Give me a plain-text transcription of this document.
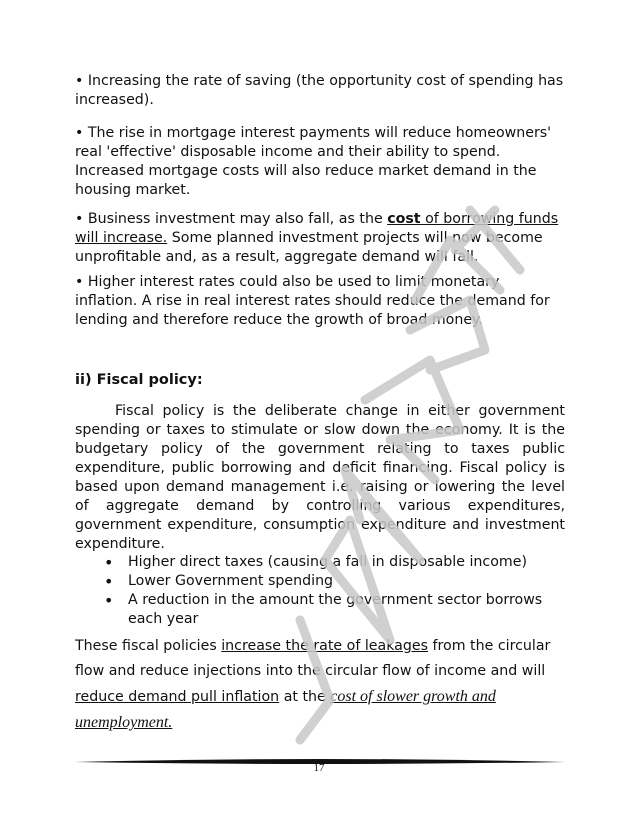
• Increasing the rate of saving (the opportunity cost of spending has increased).

• The rise in mortgage interest payments will reduce homeowners' real 'effective' disposable income and their ability to spend. Increased mortgage costs will also reduce market demand in the housing market.

• Business investment may also fall, as the cost of borrowing funds will increase. Some planned investment projects will now become unprofitable and, as a result, aggregate demand will fall.

• Higher interest rates could also be used to limit monetary inflation. A rise in real interest rates should reduce the demand for lending and therefore reduce the growth of broad money.

ii) Fiscal policy:

Fiscal policy is the deliberate change in either government spending or taxes to stimulate or slow down the economy. It is the budgetary policy of the government relating to taxes public expenditure, public borrowing and deficit financing. Fiscal policy is based upon demand management i.e. raising or lowering the level of aggregate demand by controlling various expenditures, government expenditure, consumption expenditure and investment expenditure.

• Higher direct taxes (causing a fall in disposable income)
• Lower Government spending
• A reduction in the amount the government sector borrows each year

These fiscal policies increase the rate of leakages from the circular flow and reduce injections into the circular flow of income and will reduce demand pull inflation at the cost of slower growth and unemployment.

17
